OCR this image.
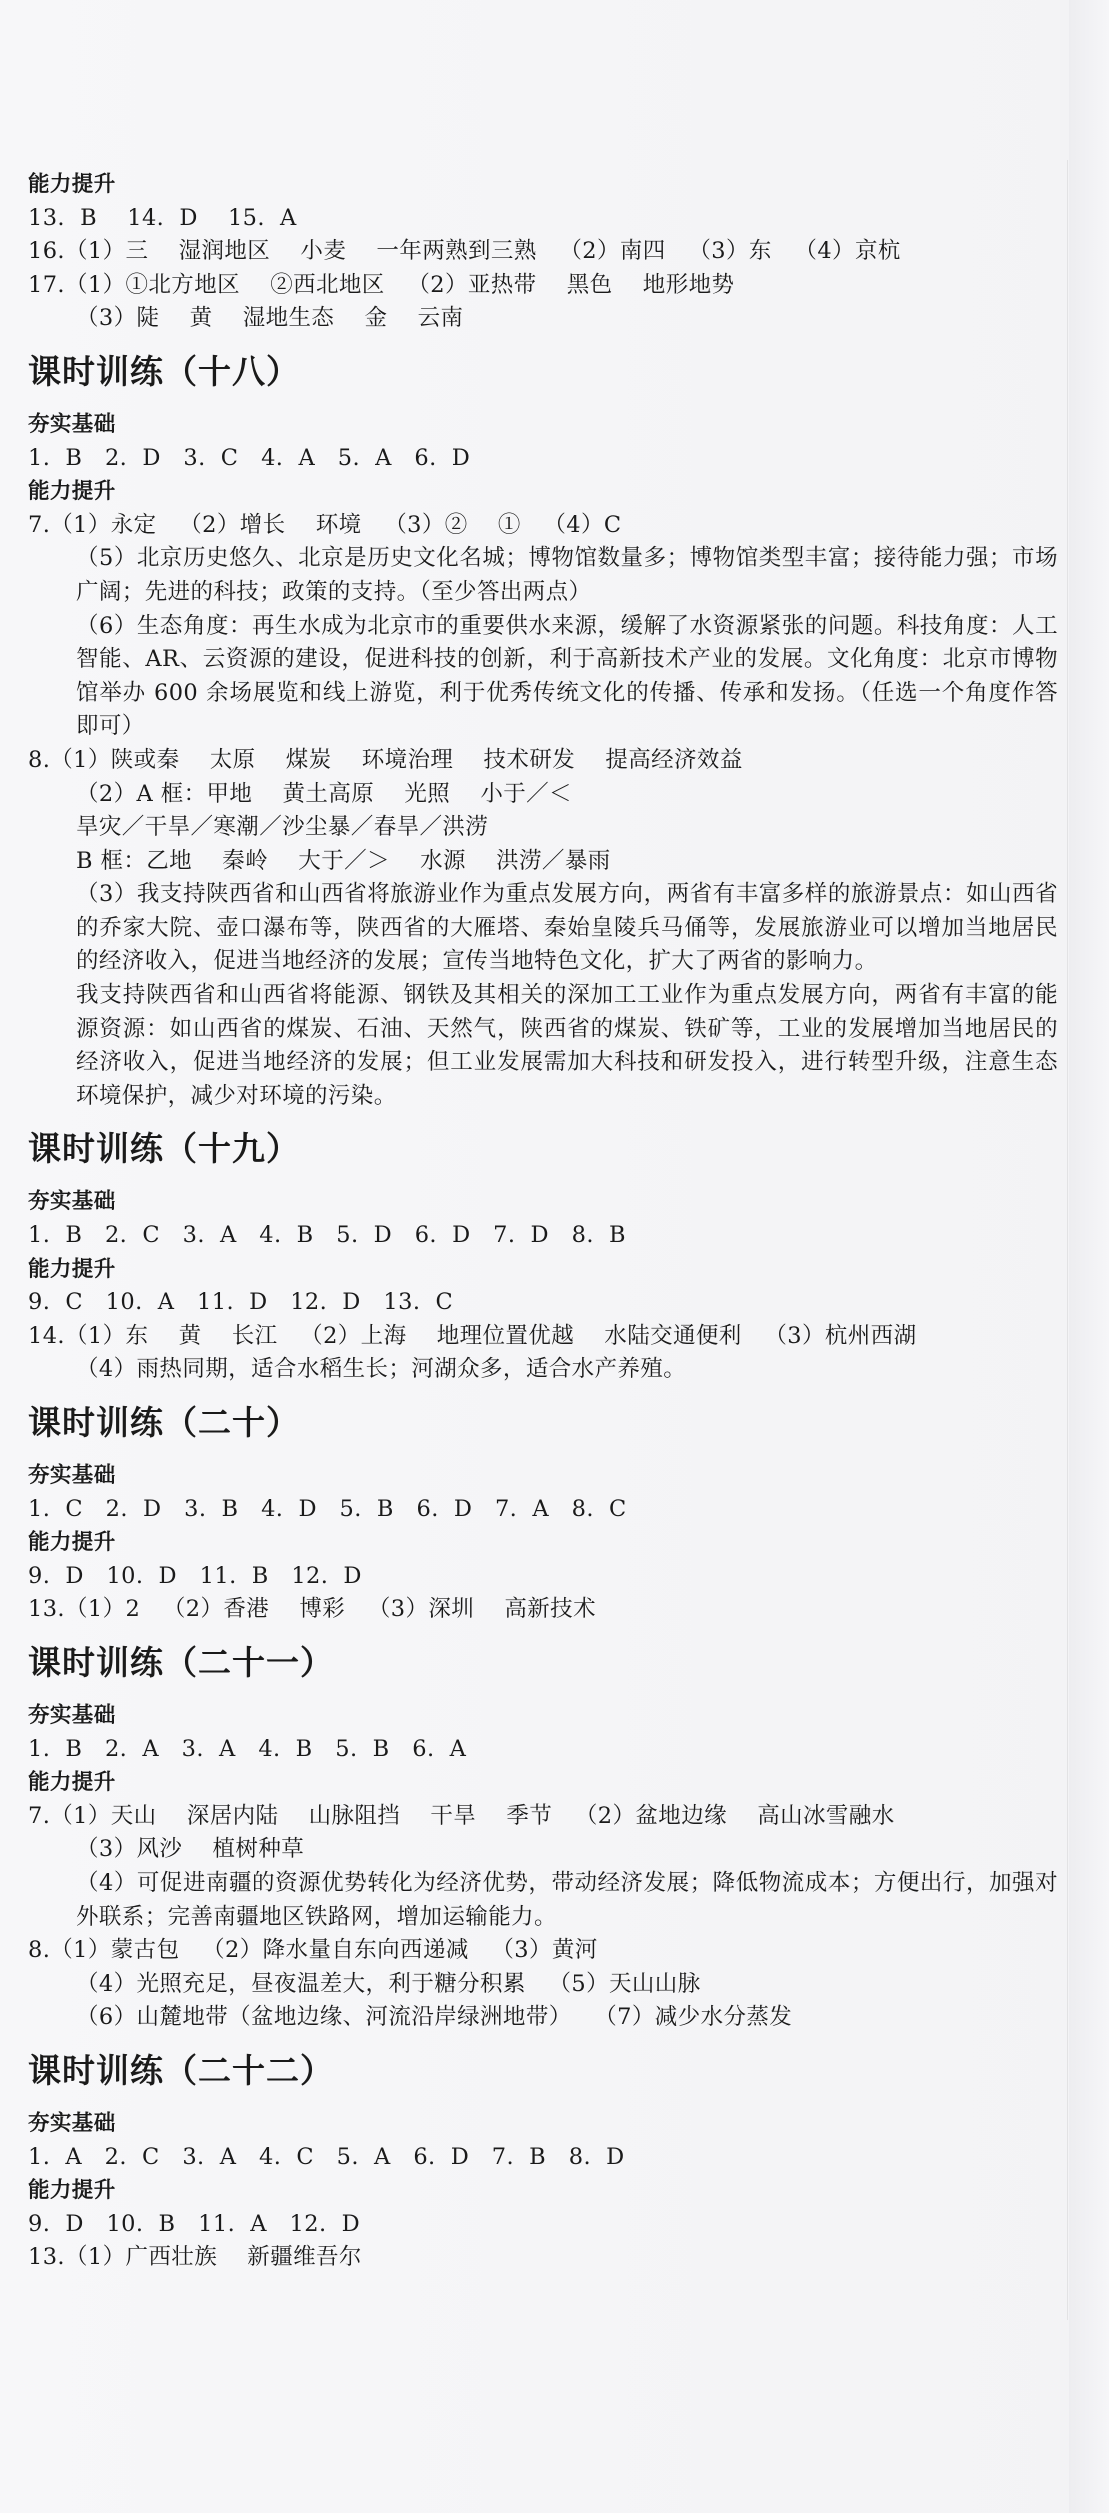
能力提升
13.  B    14.  D    15.  A
16.（1）三    湿润地区    小麦    一年两熟到三熟   （2）南四   （3）东   （4）京杭
17.（1）①北方地区    ②西北地区   （2）亚热带    黑色    地形地势
（3）陡    黄    湿地生态    金    云南
课时训练（十八）
夯实基础
1.  B   2.  D   3.  C   4.  A   5.  A   6.  D
能力提升
7.（1）永定   （2）增长    环境   （3）②    ①   （4）C
（5）北京历史悠久、北京是历史文化名城；博物馆数量多；博物馆类型丰富；接待能力强；市场广阔；先进的科技；政策的支持。（至少答出两点）
（6）生态角度：再生水成为北京市的重要供水来源，缓解了水资源紧张的问题。科技角度：人工智能、AR、云资源的建设，促进科技的创新，利于高新技术产业的发展。文化角度：北京市博物馆举办 600 余场展览和线上游览，利于优秀传统文化的传播、传承和发扬。（任选一个角度作答即可）
8.（1）陕或秦    太原    煤炭    环境治理    技术研发    提高经济效益
（2）A 框：甲地    黄土高原    光照    小于／＜
旱灾／干旱／寒潮／沙尘暴／春旱／洪涝
B 框：乙地    秦岭    大于／＞    水源    洪涝／暴雨
（3）我支持陕西省和山西省将旅游业作为重点发展方向，两省有丰富多样的旅游景点：如山西省的乔家大院、壶口瀑布等，陕西省的大雁塔、秦始皇陵兵马俑等，发展旅游业可以增加当地居民的经济收入，促进当地经济的发展；宣传当地特色文化，扩大了两省的影响力。
我支持陕西省和山西省将能源、钢铁及其相关的深加工工业作为重点发展方向，两省有丰富的能源资源：如山西省的煤炭、石油、天然气，陕西省的煤炭、铁矿等，工业的发展增加当地居民的经济收入，促进当地经济的发展；但工业发展需加大科技和研发投入，进行转型升级，注意生态环境保护，减少对环境的污染。
课时训练（十九）
夯实基础
1.  B   2.  C   3.  A   4.  B   5.  D   6.  D   7.  D   8.  B
能力提升
9.  C   10.  A   11.  D   12.  D   13.  C
14.（1）东    黄    长江   （2）上海    地理位置优越    水陆交通便利   （3）杭州西湖
（4）雨热同期，适合水稻生长；河湖众多，适合水产养殖。
课时训练（二十）
夯实基础
1.  C   2.  D   3.  B   4.  D   5.  B   6.  D   7.  A   8.  C
能力提升
9.  D   10.  D   11.  B   12.  D
13.（1）2   （2）香港    博彩   （3）深圳    高新技术
课时训练（二十一）
夯实基础
1.  B   2.  A   3.  A   4.  B   5.  B   6.  A
能力提升
7.（1）天山    深居内陆    山脉阻挡    干旱    季节   （2）盆地边缘    高山冰雪融水
（3）风沙    植树种草
（4）可促进南疆的资源优势转化为经济优势，带动经济发展；降低物流成本；方便出行，加强对外联系；完善南疆地区铁路网，增加运输能力。
8.（1）蒙古包   （2）降水量自东向西递减   （3）黄河
（4）光照充足，昼夜温差大，利于糖分积累   （5）天山山脉
（6）山麓地带（盆地边缘、河流沿岸绿洲地带）   （7）减少水分蒸发
课时训练（二十二）
夯实基础
1.  A   2.  C   3.  A   4.  C   5.  A   6.  D   7.  B   8.  D
能力提升
9.  D   10.  B   11.  A   12.  D
13.（1）广西壮族    新疆维吾尔
